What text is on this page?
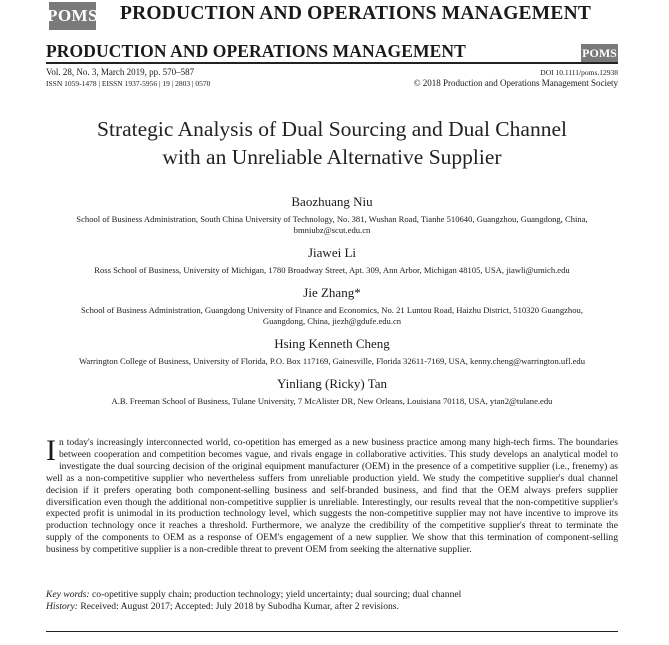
POMS PRODUCTION AND OPERATIONS MANAGEMENT
PRODUCTION AND OPERATIONS MANAGEMENT	POMS
Vol. 28, No. 3, March 2019, pp. 570–587
ISSN 1059-1478 | EISSN 1937-5956 | 19 | 2803 | 0570
DOI 10.1111/poms.12938
© 2018 Production and Operations Management Society
Strategic Analysis of Dual Sourcing and Dual Channel
with an Unreliable Alternative Supplier
Baozhuang Niu
School of Business Administration, South China University of Technology, No. 381, Wushan Road, Tianhe 510640, Guangzhou, Guangdong, China, bmniubz@scut.edu.cn
Jiawei Li
Ross School of Business, University of Michigan, 1780 Broadway Street, Apt. 309, Ann Arbor, Michigan 48105, USA, jiawli@umich.edu
Jie Zhang*
School of Business Administration, Guangdong University of Finance and Economics, No. 21 Luntou Road, Haizhu District, 510320 Guangzhou, Guangdong, China, jiezh@gdufe.edu.cn
Hsing Kenneth Cheng
Warrington College of Business, University of Florida, P.O. Box 117169, Gainesville, Florida 32611-7169, USA, kenny.cheng@warrington.ufl.edu
Yinliang (Ricky) Tan
A.B. Freeman School of Business, Tulane University, 7 McAlister DR, New Orleans, Louisiana 70118, USA, ytan2@tulane.edu
In today's increasingly interconnected world, co-opetition has emerged as a new business practice among many high-tech firms. The boundaries between cooperation and competition becomes vague, and rivals engage in collaborative activities. This study develops an analytical model to investigate the dual sourcing decision of the original equipment manufacturer (OEM) in the presence of a competitive supplier (i.e., frenemy) as well as a non-competitive supplier who nevertheless suffers from unreliable production yield. We study the competitive supplier's dual channel decision if it prefers operating both component-selling business and self-branded business, and find that the OEM always prefers supplier diversification even though the additional non-competitive supplier is unreliable. Interestingly, our results reveal that the non-competitive supplier's expected profit is unimodal in its production technology level, which suggests the non-competitive supplier may not have incentive to improve its production technology once it reaches a threshold. Furthermore, we analyze the credibility of the competitive supplier's threat to terminate the supply of the components to OEM as a response of OEM's engagement of a new supplier. We show that this termination of component-selling business by competitive supplier is a non-credible threat to prevent OEM from seeking the alternative supplier.
Key words: co-opetitive supply chain; production technology; yield uncertainty; dual sourcing; dual channel
History: Received: August 2017; Accepted: July 2018 by Subodha Kumar, after 2 revisions.
